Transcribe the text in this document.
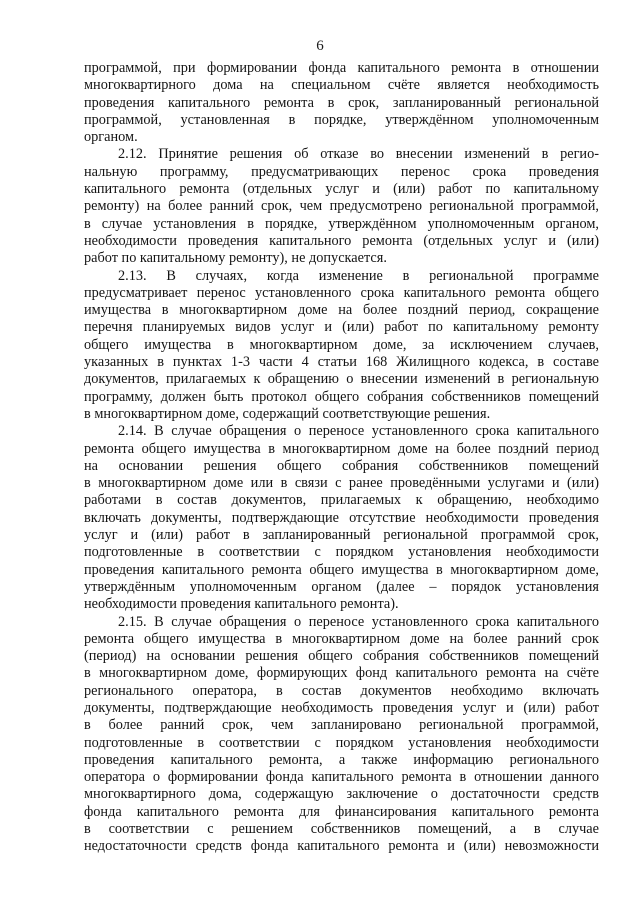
6
программой, при формировании фонда капитального ремонта в отношении
многоквартирного дома на специальном счёте является необходимость
проведения капитального ремонта в срок, запланированный региональной
программой, установленная в порядке, утверждённом уполномоченным
органом.
2.12. Принятие решения об отказе во внесении изменений в регио-
нальную программу, предусматривающих перенос срока проведения
капитального ремонта (отдельных услуг и (или) работ по капитальному
ремонту) на более ранний срок, чем предусмотрено региональной программой,
в случае установления в порядке, утверждённом уполномоченным органом,
необходимости проведения капитального ремонта (отдельных услуг и (или)
работ по капитальному ремонту), не допускается.
2.13. В случаях, когда изменение в региональной программе
предусматривает перенос установленного срока капитального ремонта общего
имущества в многоквартирном доме на более поздний период, сокращение
перечня планируемых видов услуг и (или) работ по капитальному ремонту
общего имущества в многоквартирном доме, за исключением случаев,
указанных в пунктах 1-3 части 4 статьи 168 Жилищного кодекса, в составе
документов, прилагаемых к обращению о внесении изменений в региональную
программу, должен быть протокол общего собрания собственников помещений
в многоквартирном доме, содержащий соответствующие решения.
2.14. В случае обращения о переносе установленного срока капитального
ремонта общего имущества в многоквартирном доме на более поздний период
на основании решения общего собрания собственников помещений
в многоквартирном доме или в связи с ранее проведёнными услугами и (или)
работами в состав документов, прилагаемых к обращению, необходимо
включать документы, подтверждающие отсутствие необходимости проведения
услуг и (или) работ в запланированный региональной программой срок,
подготовленные в соответствии с порядком установления необходимости
проведения капитального ремонта общего имущества в многоквартирном доме,
утверждённым уполномоченным органом (далее – порядок установления
необходимости проведения капитального ремонта).
2.15. В случае обращения о переносе установленного срока капитального
ремонта общего имущества в многоквартирном доме на более ранний срок
(период) на основании решения общего собрания собственников помещений
в многоквартирном доме, формирующих фонд капитального ремонта на счёте
регионального оператора, в состав документов необходимо включать
документы, подтверждающие необходимость проведения услуг и (или) работ
в более ранний срок, чем запланировано региональной программой,
подготовленные в соответствии с порядком установления необходимости
проведения капитального ремонта, а также информацию регионального
оператора о формировании фонда капитального ремонта в отношении данного
многоквартирного дома, содержащую заключение о достаточности средств
фонда капитального ремонта для финансирования капитального ремонта
в соответствии с решением собственников помещений, а в случае
недостаточности средств фонда капитального ремонта и (или) невозможности
